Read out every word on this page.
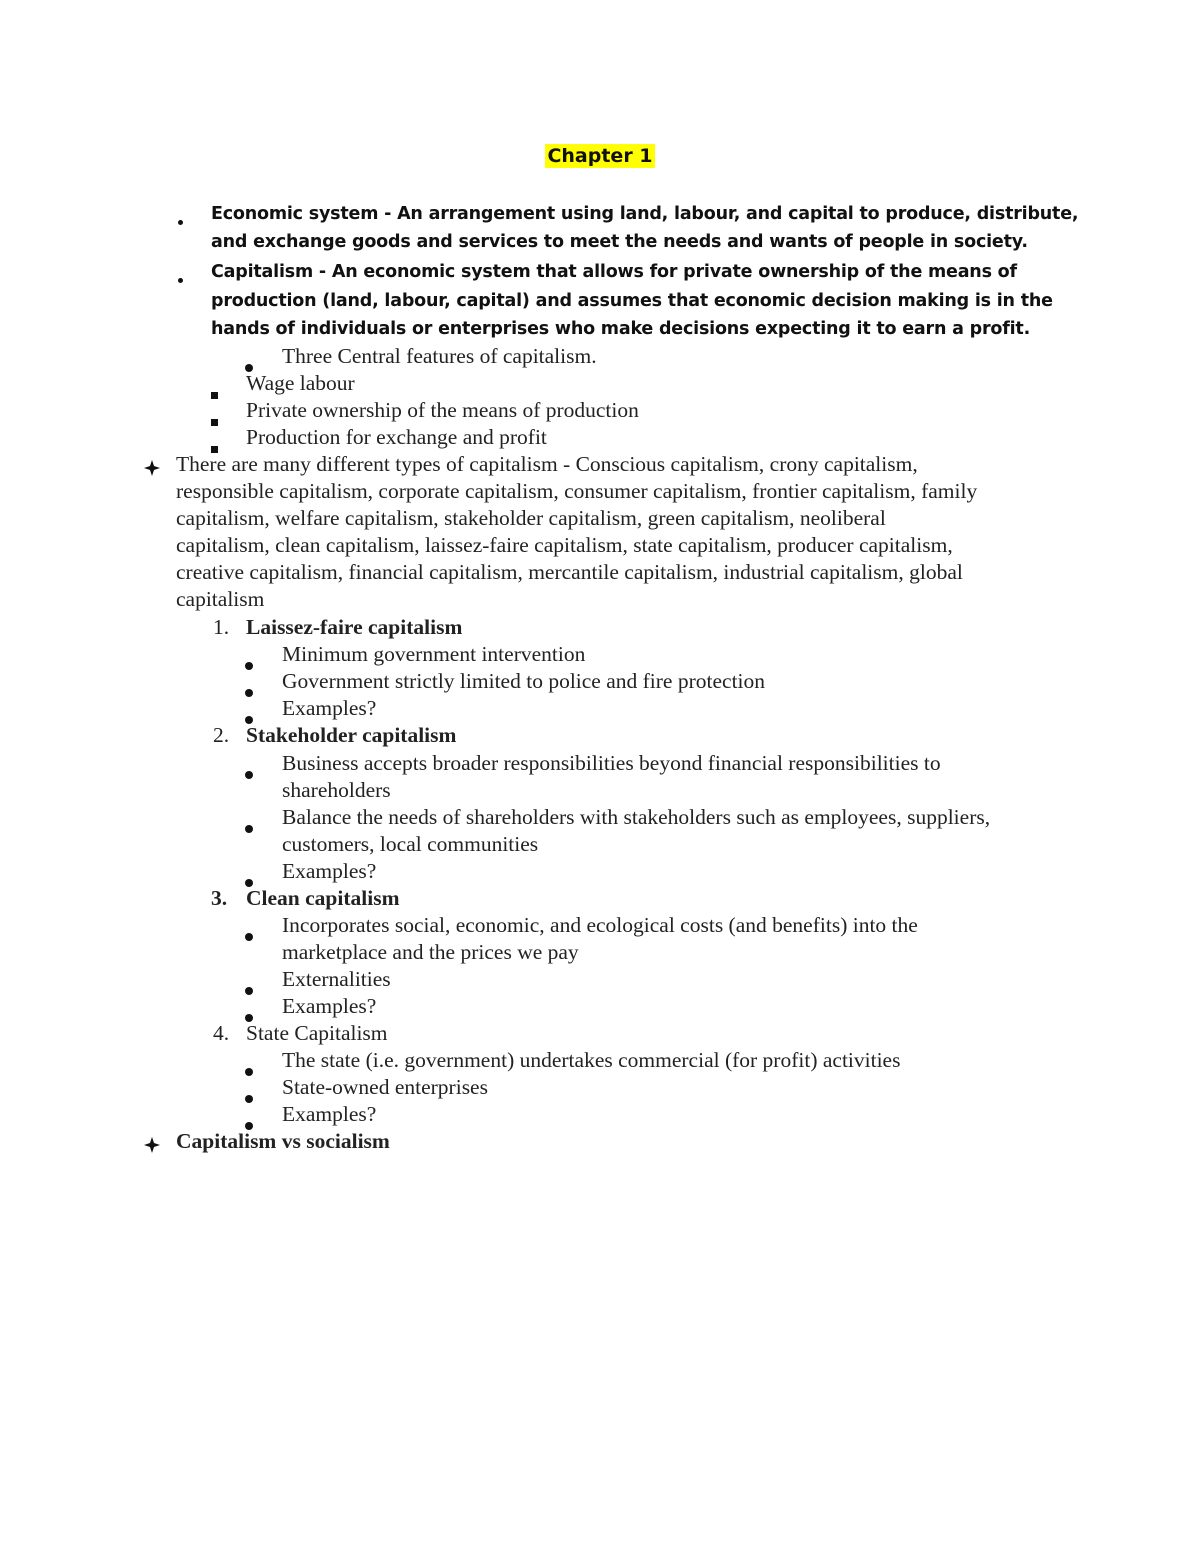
Chapter 1
Economic system - An arrangement using land, labour, and capital to produce, distribute,
and exchange goods and services to meet the needs and wants of people in society.
Capitalism - An economic system that allows for private ownership of the means of
production (land, labour, capital) and assumes that economic decision making is in the
hands of individuals or enterprises who make decisions expecting it to earn a profit.
Three Central features of capitalism.
Wage labour
Private ownership of the means of production
Production for exchange and profit
There are many different types of capitalism - Conscious capitalism, crony capitalism,
responsible capitalism, corporate capitalism, consumer capitalism, frontier capitalism, family
capitalism, welfare capitalism, stakeholder capitalism, green capitalism, neoliberal
capitalism, clean capitalism, laissez-faire capitalism, state capitalism, producer capitalism,
creative capitalism, financial capitalism, mercantile capitalism, industrial capitalism, global
capitalism
1. Laissez-faire capitalism
Minimum government intervention
Government strictly limited to police and fire protection
Examples?
2. Stakeholder capitalism
Business accepts broader responsibilities beyond financial responsibilities to
shareholders
Balance the needs of shareholders with stakeholders such as employees, suppliers,
customers, local communities
Examples?
3. Clean capitalism
Incorporates social, economic, and ecological costs (and benefits) into the
marketplace and the prices we pay
Externalities
Examples?
4. State Capitalism
The state (i.e. government) undertakes commercial (for profit) activities
State-owned enterprises
Examples?
Capitalism vs socialism
